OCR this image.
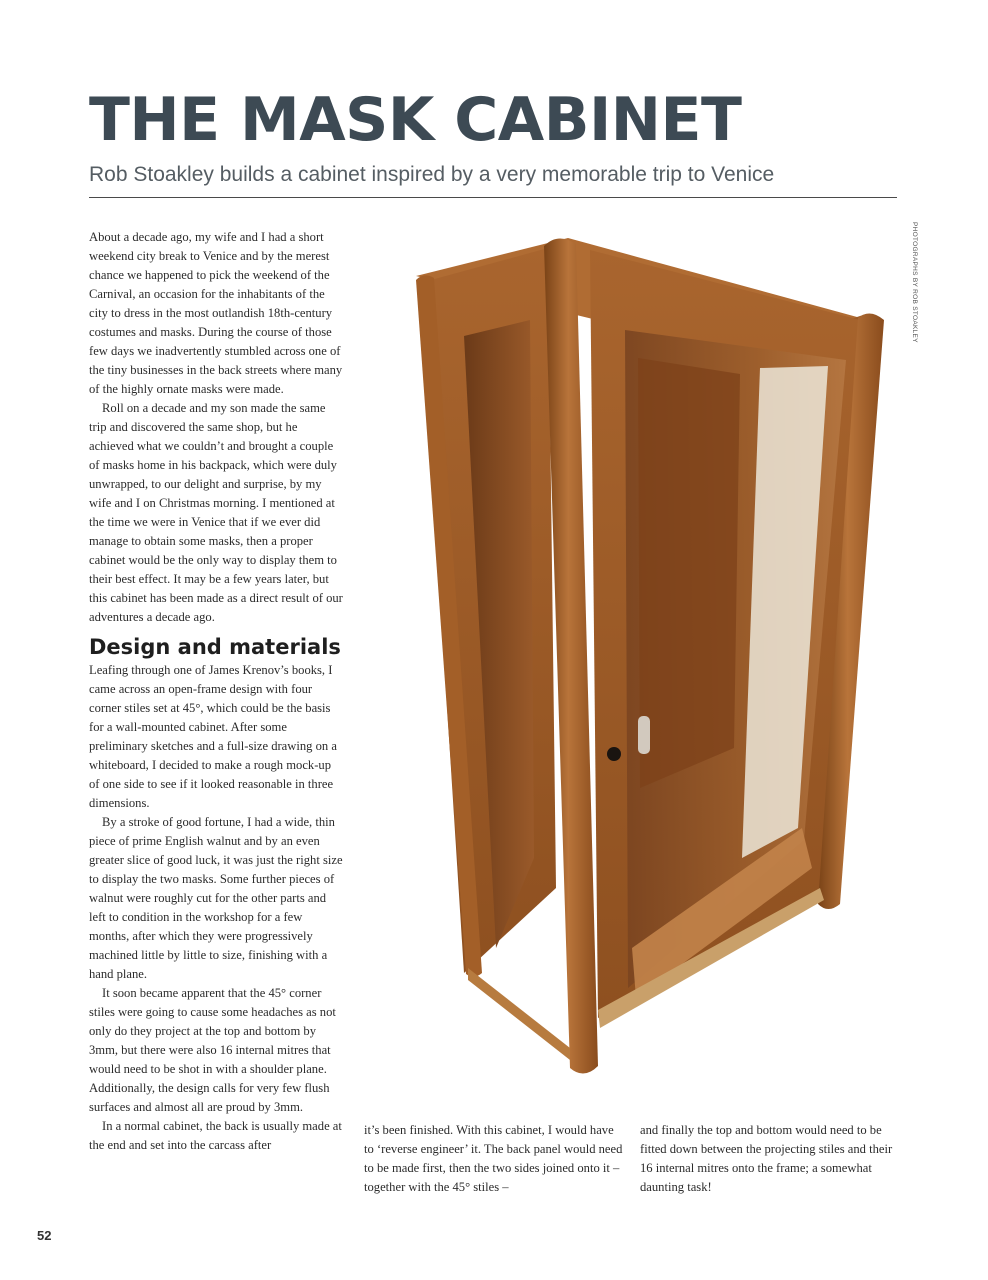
THE MASK CABINET

Rob Stoakley builds a cabinet inspired by a very memorable trip to Venice

About a decade ago, my wife and I had a short weekend city break to Venice and by the merest chance we happened to pick the weekend of the Carnival, an occasion for the inhabitants of the city to dress in the most outlandish 18th-century costumes and masks. During the course of those few days we inadvertently stumbled across one of the tiny businesses in the back streets where many of the highly ornate masks were made.

Roll on a decade and my son made the same trip and discovered the same shop, but he achieved what we couldn’t and brought a couple of masks home in his backpack, which were duly unwrapped, to our delight and surprise, by my wife and I on Christmas morning. I mentioned at the time we were in Venice that if we ever did manage to obtain some masks, then a proper cabinet would be the only way to display them to their best effect. It may be a few years later, but this cabinet has been made as a direct result of our adventures a decade ago.

Design and materials

Leafing through one of James Krenov’s books, I came across an open-frame design with four corner stiles set at 45°, which could be the basis for a wall-mounted cabinet. After some preliminary sketches and a full-size drawing on a whiteboard, I decided to make a rough mock-up of one side to see if it looked reasonable in three dimensions.

By a stroke of good fortune, I had a wide, thin piece of prime English walnut and by an even greater slice of good luck, it was just the right size to display the two masks. Some further pieces of walnut were roughly cut for the other parts and left to condition in the workshop for a few months, after which they were progressively machined little by little to size, finishing with a hand plane.

It soon became apparent that the 45° corner stiles were going to cause some headaches as not only do they project at the top and bottom by 3mm, but there were also 16 internal mitres that would need to be shot in with a shoulder plane. Additionally, the design calls for very few flush surfaces and almost all are proud by 3mm.

In a normal cabinet, the back is usually made at the end and set into the carcass after

it’s been finished. With this cabinet, I would have to ‘reverse engineer’ it. The back panel would need to be made first, then the two sides joined onto it – together with the 45° stiles –

and finally the top and bottom would need to be fitted down between the projecting stiles and their 16 internal mitres onto the frame; a somewhat daunting task!

PHOTOGRAPHS BY ROB STOAKLEY
52
